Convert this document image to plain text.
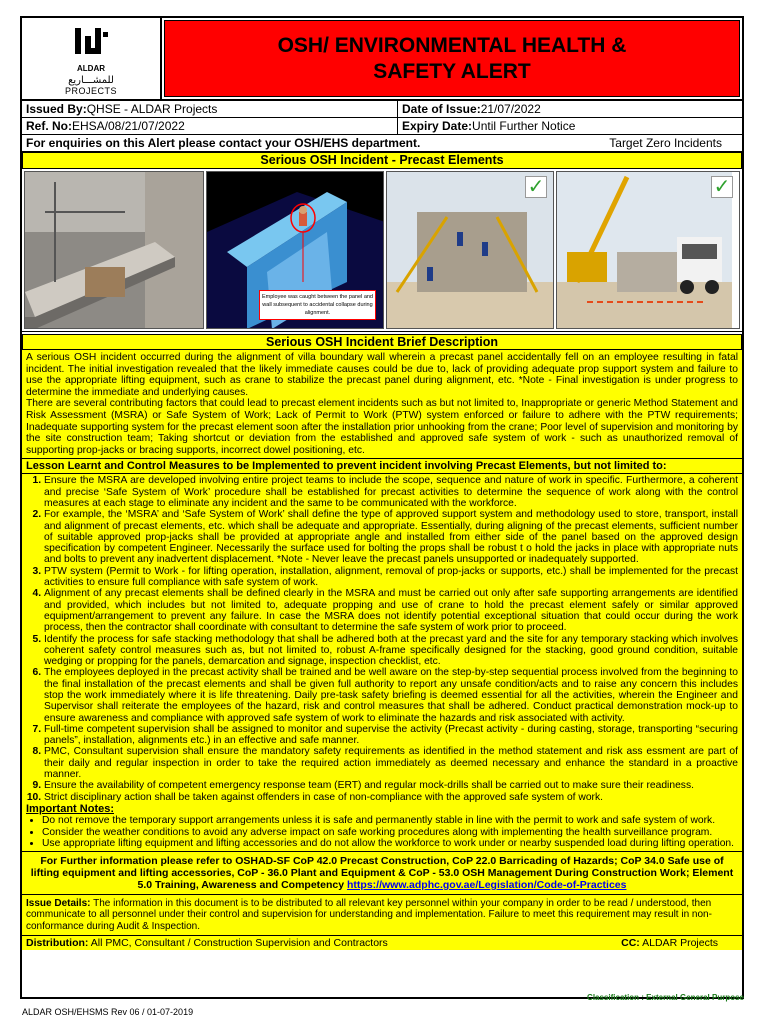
ALDAR
للمشـــاريع
PROJECTS
OSH/ ENVIRONMENTAL HEALTH & SAFETY ALERT
Issued By: QHSE - ALDAR Projects	Date of Issue: 21/07/2022
Ref. No: EHSA/08/21/07/2022	Expiry Date: Until Further Notice
For enquiries on this Alert please contact your OSH/EHS department.	Target Zero Incidents
Serious OSH Incident - Precast Elements
Employee was caught between the panel and wall subsequent to accidental collapse during alignment.
✓	✓
Serious OSH Incident Brief Description

A serious OSH incident occurred during the alignment of villa boundary wall wherein a precast panel accidentally fell on an employee resulting in fatal incident. The initial investigation revealed that the likely immediate causes could be due to, lack of providing adequate prop support system and failure to use the appropriate lifting equipment, such as crane to stabilize the precast panel during alignment, etc. *Note - Final investigation is under progress to determine the immediate and underlying causes.

There are several contributing factors that could lead to precast element incidents such as but not limited to, Inappropriate or generic Method Statement and Risk Assessment (MSRA) or Safe System of Work; Lack of Permit to Work (PTW) system enforced or failure to adhere with the PTW requirements; Inadequate supporting system for the precast element soon after the installation prior unhooking from the crane; Poor level of supervision and monitoring by the site construction team; Taking shortcut or deviation from the established and approved safe system of work - such as unauthorized removal of supporting prop-jacks or bracing supports, incorrect dowel positioning, etc.

Lesson Learnt and Control Measures to be Implemented to prevent incident involving Precast Elements, but not limited to:
1. Ensure the MSRA are developed involving entire project teams to include the scope, sequence and nature of work in specific. Furthermore, a coherent and precise ‘Safe System of Work’ procedure shall be established for precast activities to determine the sequence of work along with the control measures at each stage to eliminate any incident and the same to be communicated with the workforce.
2. For example, the ‘MSRA’ and ‘Safe System of Work’ shall define the type of approved support system and methodology used to store, transport, install and alignment of precast elements, etc. which shall be adequate and appropriate. Essentially, during aligning of the precast elements, sufficient number of suitable approved prop-jacks shall be provided at appropriate angle and installed from either side of the panel based on the approved design specification by competent Engineer. Necessarily the surface used for bolting the props shall be robust t o hold the jacks in place with appropriate nuts and bolts to prevent any inadvertent displacement. *Note - Never leave the precast panels unsupported or inadequately supported.
3. PTW system (Permit to Work - for lifting operation, installation, alignment, removal of prop-jacks or supports, etc.) shall be implemented for the precast activities to ensure full compliance with safe system of work.
4. Alignment of any precast elements shall be defined clearly in the MSRA and must be carried out only after safe supporting arrangements are identified and provided, which includes but not limited to, adequate propping and use of crane to hold the precast element safely or similar approved equipment/arrangement to prevent any failure. In case the MSRA does not identify potential exceptional situation that could occur during the work process, then the contractor shall coordinate with consultant to determine the safe system of work prior to proceed.
5. Identify the process for safe stacking methodology that shall be adhered both at the precast yard and the site for any temporary stacking which involves coherent safety control measures such as, but not limited to, robust A-frame specifically designed for the stacking, good ground condition, suitable wedging or propping for the panels, demarcation and signage, inspection checklist, etc.
6. The employees deployed in the precast activity shall be trained and be well aware on the step-by-step sequential process involved from the beginning to the final installation of the precast elements and shall be given full authority to report any unsafe condition/acts and to raise any concern this includes stop the work immediately where it is life threatening. Daily pre-task safety briefing is deemed essential for all the activities, wherein the Engineer and Supervisor shall reiterate the employees of the hazard, risk and control measures that shall be adhered. Conduct practical demonstration mock-up to ensure awareness and compliance with approved safe system of work to eliminate the hazards and risk associated with activity.
7. Full-time competent supervision shall be assigned to monitor and supervise the activity (Precast activity - during casting, storage, transporting “securing panels”, installation, alignments etc.) in an effective and safe manner.
8. PMC, Consultant supervision shall ensure the mandatory safety requirements as identified in the method statement and risk ass essment are part of their daily and regular inspection in order to take the required action immediately as deemed necessary and enhance the standard in a proactive manner.
9. Ensure the availability of competent emergency response team (ERT) and regular mock-drills shall be carried out to make sure their readiness.
10. Strict disciplinary action shall be taken against offenders in case of non-compliance with the approved safe system of work.
Important Notes:
• Do not remove the temporary support arrangements unless it is safe and permanently stable in line with the permit to work and safe system of work.
• Consider the weather conditions to avoid any adverse impact on safe working procedures along with implementing the health surveillance program.
• Use appropriate lifting equipment and lifting accessories and do not allow the workforce to work under or nearby suspended load during lifting operation.
For Further information please refer to OSHAD-SF CoP 42.0 Precast Construction, CoP 22.0 Barricading of Hazards; CoP 34.0 Safe use of lifting equipment and lifting accessories, CoP - 36.0 Plant and Equipment & CoP - 53.0 OSH Management During Construction Work; Element 5.0 Training, Awareness and Competency https://www.adphc.gov.ae/Legislation/Code-of-Practices
Issue Details: The information in this document is to be distributed to all relevant key personnel within your company in order to be read / understood, then communicate to all personnel under their control and supervision for understanding and implementation. Failure to meet this requirement may result in non-conformance during Audit & Inspection.
Distribution: All PMC, Consultant / Construction Supervision and Contractors	CC: ALDAR Projects
Classification : External General Purpose
ALDAR OSH/EHSMS Rev 06 / 01-07-2019
